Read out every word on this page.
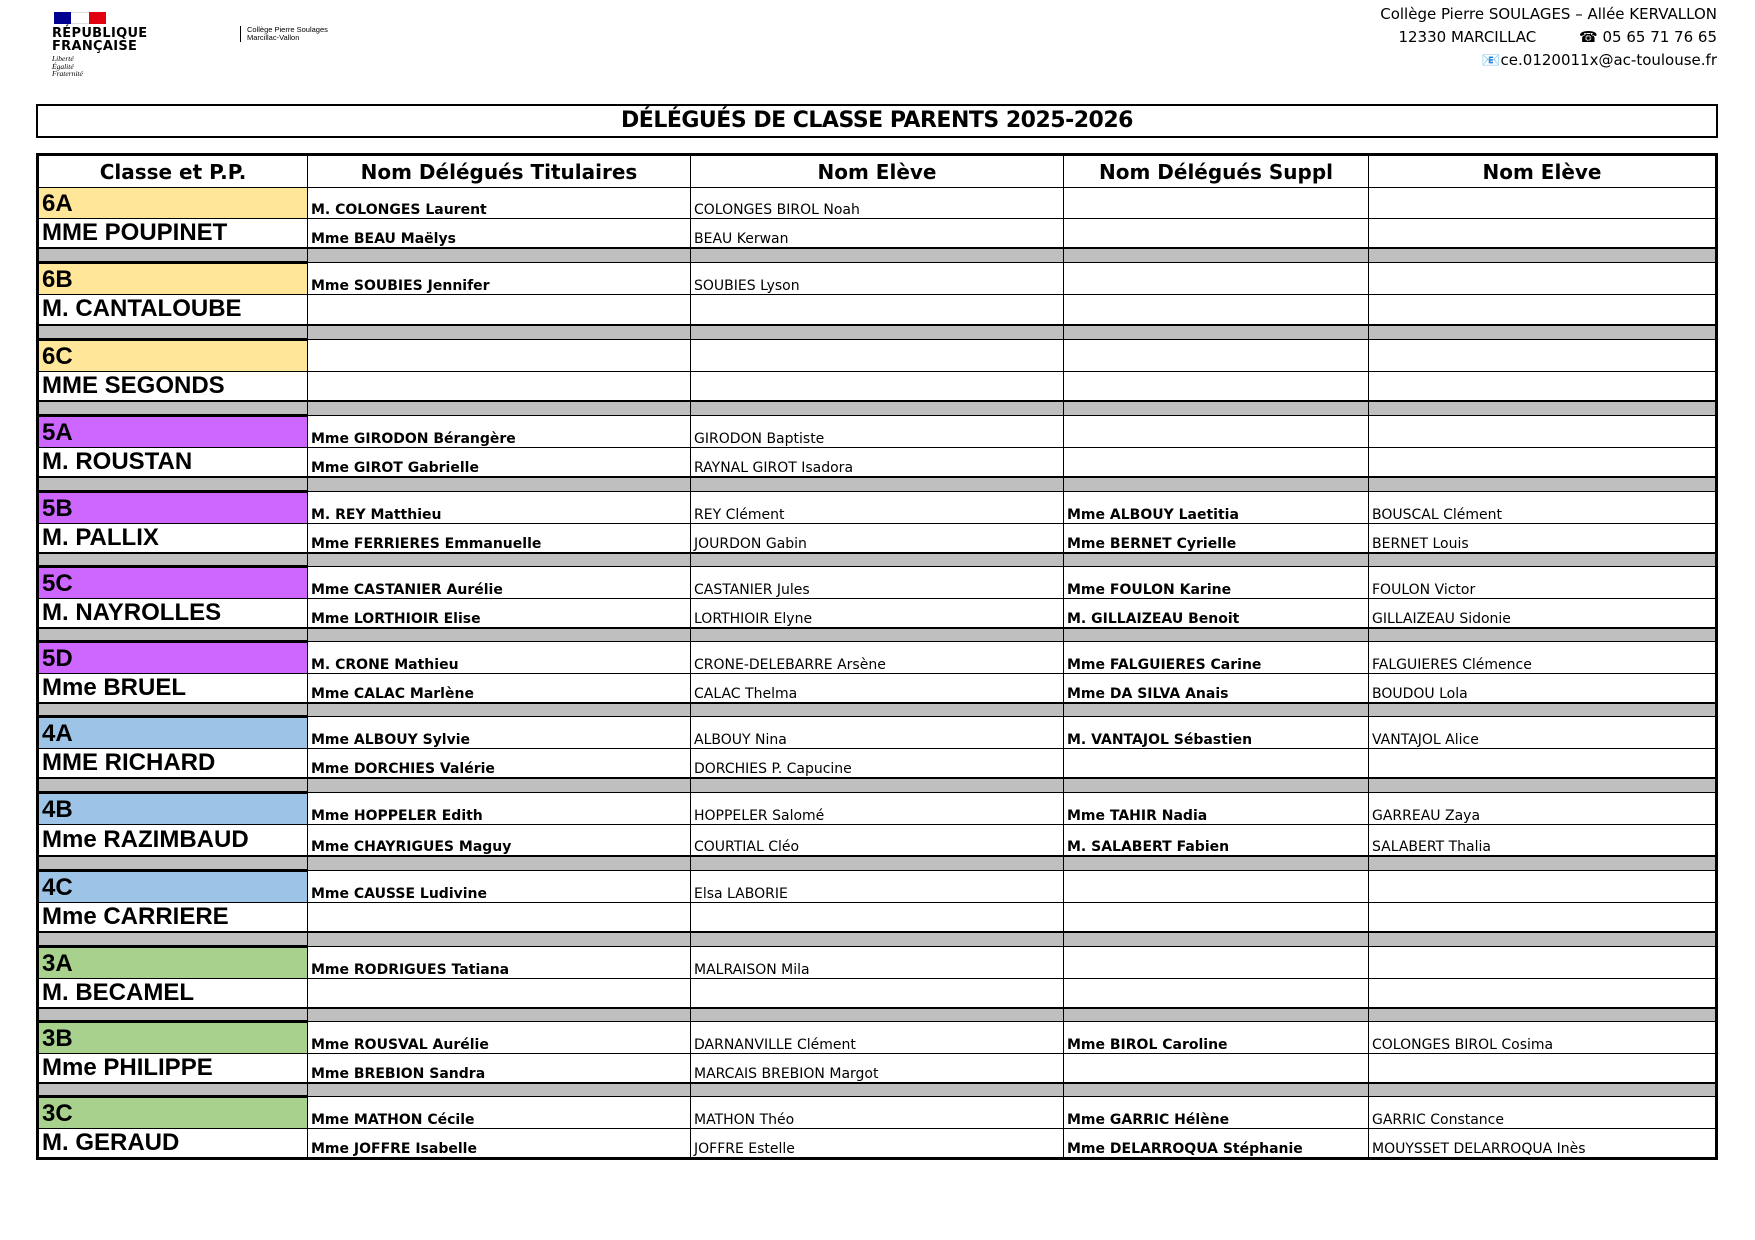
RÉPUBLIQUE
FRANÇAISE
Liberté
Égalité
Fraternité
Collège Pierre Soulages
Marcillac-Vallon
Collège Pierre SOULAGES – Allée KERVALLON
12330 MARCILLAC	☎ 05 65 71 76 65
📧ce.0120011x@ac-toulouse.fr
DÉLÉGUÉS DE CLASSE PARENTS 2025-2026
Classe et P.P.	Nom Délégués Titulaires	Nom Elève	Nom Délégués Suppl	Nom Elève
6A	M. COLONGES Laurent	COLONGES BIROL Noah		
MME POUPINET	Mme BEAU Maëlys	BEAU Kerwan		

6B	Mme SOUBIES Jennifer	SOUBIES Lyson		
M. CANTALOUBE				

6C				
MME SEGONDS				

5A	Mme GIRODON Bérangère	GIRODON Baptiste		
M. ROUSTAN	Mme GIROT Gabrielle	RAYNAL GIROT Isadora		

5B	M. REY Matthieu	REY Clément	Mme ALBOUY Laetitia	BOUSCAL Clément
M. PALLIX	Mme FERRIERES Emmanuelle	JOURDON Gabin	Mme BERNET Cyrielle	BERNET Louis

5C	Mme CASTANIER Aurélie	CASTANIER Jules	Mme FOULON Karine	FOULON Victor
M. NAYROLLES	Mme LORTHIOIR Elise	LORTHIOIR Elyne	M. GILLAIZEAU Benoit	GILLAIZEAU Sidonie

5D	M. CRONE Mathieu	CRONE-DELEBARRE Arsène	Mme FALGUIERES Carine	FALGUIERES Clémence
Mme BRUEL	Mme CALAC Marlène	CALAC Thelma	Mme DA SILVA Anais	BOUDOU Lola

4A	Mme ALBOUY Sylvie	ALBOUY Nina	M. VANTAJOL Sébastien	VANTAJOL Alice
MME RICHARD	Mme DORCHIES Valérie	DORCHIES P. Capucine		

4B	Mme HOPPELER Edith	HOPPELER Salomé	Mme TAHIR Nadia	GARREAU Zaya
Mme RAZIMBAUD	Mme CHAYRIGUES Maguy	COURTIAL Cléo	M. SALABERT Fabien	SALABERT Thalia

4C	Mme CAUSSE Ludivine	Elsa LABORIE		
Mme CARRIERE				

3A	Mme RODRIGUES Tatiana	MALRAISON Mila		
M. BECAMEL				

3B	Mme ROUSVAL Aurélie	DARNANVILLE Clément	Mme BIROL Caroline	COLONGES BIROL Cosima
Mme PHILIPPE	Mme BREBION Sandra	MARCAIS BREBION Margot		

3C	Mme MATHON Cécile	MATHON Théo	Mme GARRIC Hélène	GARRIC Constance
M. GERAUD	Mme JOFFRE Isabelle	JOFFRE Estelle	Mme DELARROQUA Stéphanie	MOUYSSET DELARROQUA Inès
